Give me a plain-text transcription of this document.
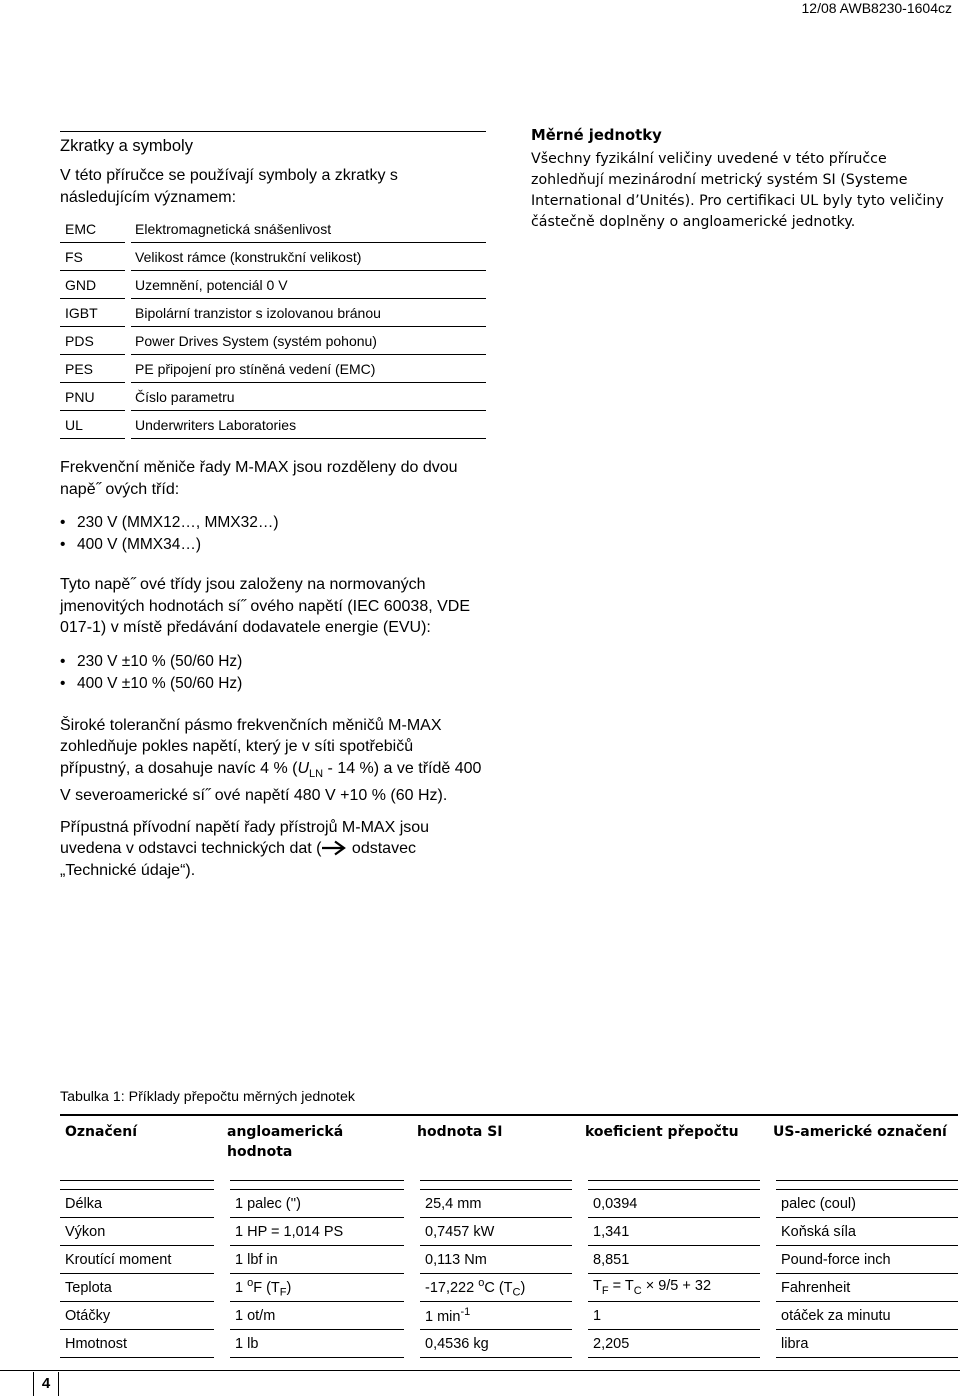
12/08 AWB8230-1604cz
Zkratky a symboly

V této příručce se používají symboly a zkratky s následujícím významem:

EMC	Elektromagnetická snášenlivost
FS	Velikost rámce (konstrukční velikost)
GND	Uzemnění, potenciál 0 V
IGBT	Bipolární tranzistor s izolovanou bránou
PDS	Power Drives System (systém pohonu)
PES	PE připojení pro stíněná vedení (EMC)
PNU	Číslo parametru
UL	Underwriters Laboratories

Frekvenční měniče řady M-MAX jsou rozděleny do dvou napě˝ ových tříd:

• 230 V (MMX12…, MMX32…)
• 400 V (MMX34…)

Tyto napě˝ ové třídy jsou založeny na normovaných jmenovitých hodnotách sí˝ ového napětí (IEC 60038, VDE 017-1) v místě předávání dodavatele energie (EVU):

• 230 V ±10 % (50/60 Hz)
• 400 V ±10 % (50/60 Hz)

Široké toleranční pásmo frekvenčních měničů M-MAX zohledňuje pokles napětí, který je v síti spotřebičů přípustný, a dosahuje navíc 4 % ($U_{LN} - 14$ %) a ve třídě 400 V severoamerické sí˝ ové napětí 480 V +10 % (60 Hz).

Přípustná přívodní napětí řady přístrojů M-MAX jsou uvedena v odstavci technických dat ( odstavec „Technické údaje“).

Měrné jednotky

Všechny fyzikální veličiny uvedené v této příručce zohledňují mezinárodní metrický systém SI (Systeme International d’Unités). Pro certifikaci UL byly tyto veličiny částečně doplněny o angloamerické jednotky.

Tabulka 1: Příklady přepočtu měrných jednotek
Označení	angloamerická hodnota	hodnota SI	koeficient přepočtu	US-americké označení

Délka	1 palec ('')	25,4 mm	0,0394	palec (coul)
Výkon	1 HP = 1,014 PS	0,7457 kW	1,341	Koňská síla
Kroutící moment	1 lbf in	0,113 Nm	8,851	Pound-force inch
Teplota	1 $^o$F $(T_F)$	-17,222 $^o$C $(T_C)$	$T_F = T_C \times 9/5 + 32$	Fahrenheit
Otáčky	1 ot/m	1 $\min^{-1}$	1	otáček za minutu
Hmotnost	1 lb	0,4536 kg	2,205	libra
4
